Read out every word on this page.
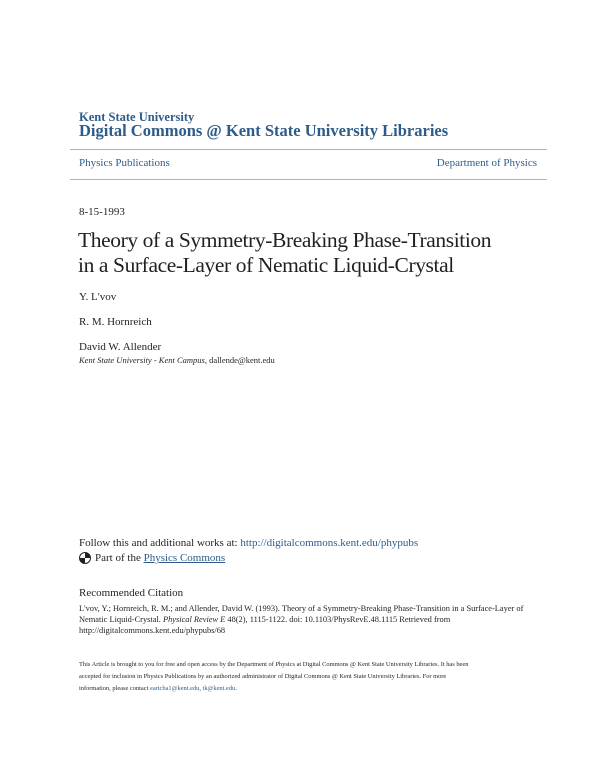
Kent State University
Digital Commons @ Kent State University Libraries
Physics Publications	Department of Physics
8-15-1993
Theory of a Symmetry-Breaking Phase-Transition
in a Surface-Layer of Nematic Liquid-Crystal
Y. L'vov
R. M. Hornreich
David W. Allender
Kent State University - Kent Campus, dallende@kent.edu
Follow this and additional works at: http://digitalcommons.kent.edu/phypubs
Part of the
Physics Commons
Recommended Citation
L'vov, Y.; Hornreich, R. M.; and Allender, David W. (1993). Theory of a Symmetry-Breaking Phase-Transition in a Surface-Layer of
Nematic Liquid-Crystal. Physical Review E 48(2), 1115-1122. doi: 10.1103/PhysRevE.48.1115 Retrieved from
http://digitalcommons.kent.edu/phypubs/68
This Article is brought to you for free and open access by the Department of Physics at Digital Commons @ Kent State University Libraries. It has been
accepted for inclusion in Physics Publications by an authorized administrator of Digital Commons @ Kent State University Libraries. For more
information, please contact earicha1@kent.edu, tk@kent.edu.
